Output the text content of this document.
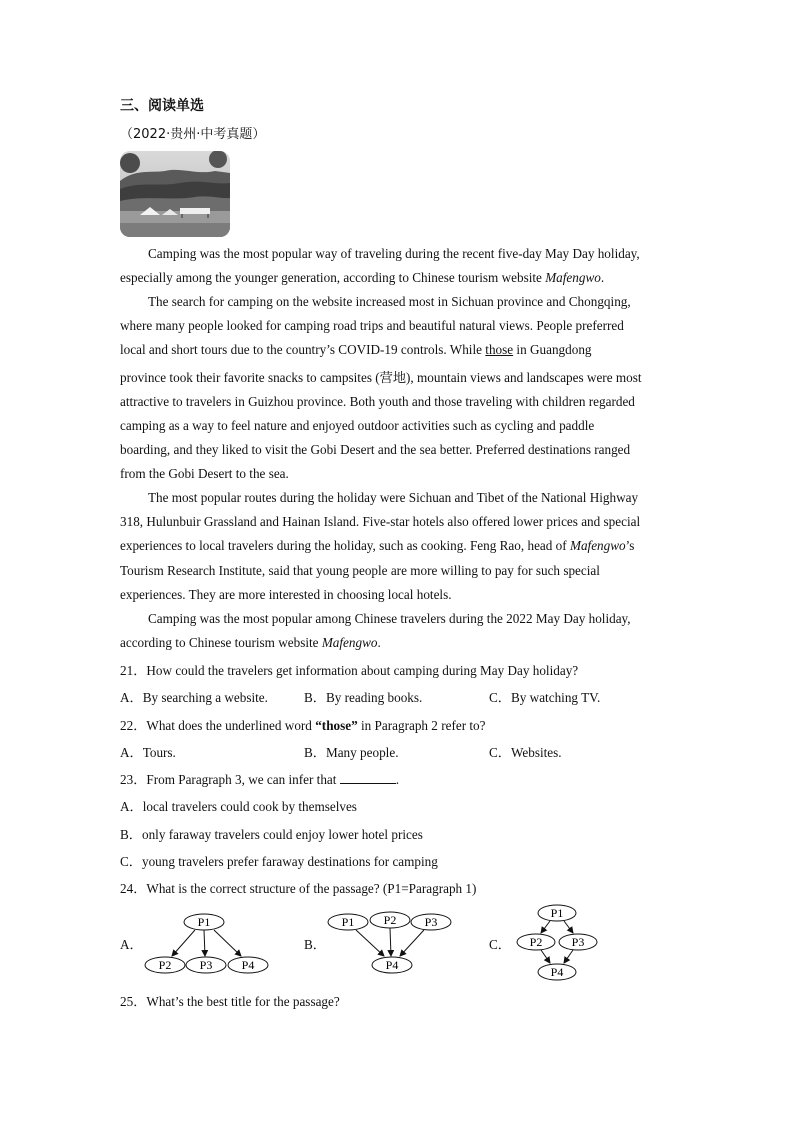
三、阅读单选
（2022·贵州·中考真题）
Camping was the most popular way of traveling during the recent five-day May Day holiday,
especially among the younger generation, according to Chinese tourism website Mafengwo.
The search for camping on the website increased most in Sichuan province and Chongqing,
where many people looked for camping road trips and beautiful natural views. People preferred
local and short tours due to the country’s COVID-19 controls. While those in Guangdong
province took their favorite snacks to campsites (营地), mountain views and landscapes were most
attractive to travelers in Guizhou province. Both youth and those traveling with children regarded
camping as a way to feel nature and enjoyed outdoor activities such as cycling and paddle
boarding, and they liked to visit the Gobi Desert and the sea better. Preferred destinations ranged
from the Gobi Desert to the sea.
The most popular routes during the holiday were Sichuan and Tibet of the National Highway
318, Hulunbuir Grassland and Hainan Island. Five-star hotels also offered lower prices and special
experiences to local travelers during the holiday, such as cooking. Feng Rao, head of Mafengwo’s
Tourism Research Institute, said that young people are more willing to pay for such special
experiences. They are more interested in choosing local hotels.
Camping was the most popular among Chinese travelers during the 2022 May Day holiday,
according to Chinese tourism website Mafengwo.
21．How could the travelers get information about camping during May Day holiday?
A．By searching a website.	B．By reading books.	C．By watching TV.
22．What does the underlined word “those” in Paragraph 2 refer to?
A．Tours.	B．Many people.	C．Websites.
23．From Paragraph 3, we can infer that	.
A．local travelers could cook by themselves
B．only faraway travelers could enjoy lower hotel prices
C．young travelers prefer faraway destinations for camping
24．What is the correct structure of the passage? (P1=Paragraph 1)
A．
P1
P2 P3 P4
B．
P1 P2 P3
P4
C．
P1
P2 P3
P4
25．What’s the best title for the passage?
